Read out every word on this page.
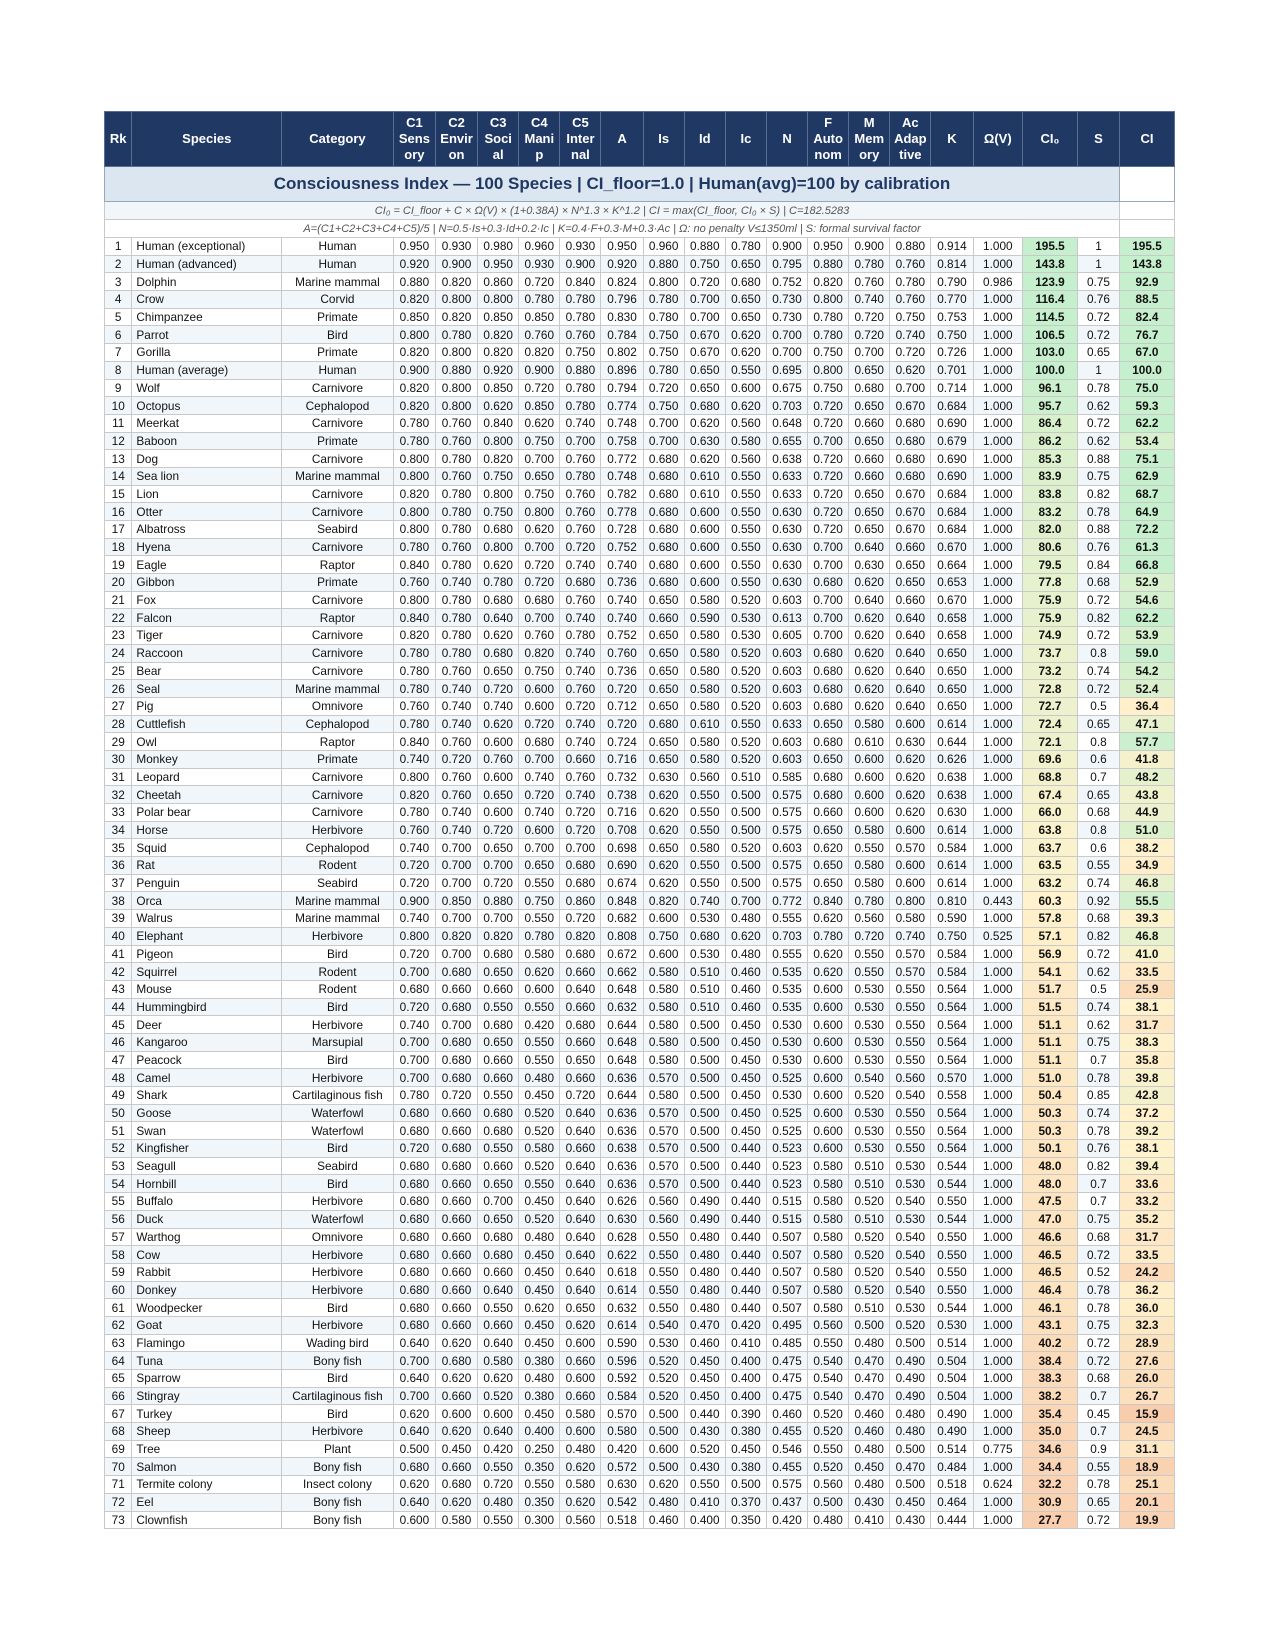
Consciousness Index — 100 Species | CI_floor=1.0 | Human(avg)=100 by calibration																				
CI₀ = CI_floor + C × Ω(V) × (1+0.38A) × N^1.3 × K^1.2 | CI = max(CI_floor, CI₀ × S) | C=182.5283																				
A=(C1+C2+C3+C4+C5)/5 | N=0.5·Is+0.3·Id+0.2·Ic | K=0.4·F+0.3·M+0.3·Ac | Ω: no penalty V≤1350ml | S: formal survival factor																				
Rk	Species	Category	C1 Sens ory	C2 Envir on	C3 Soci al	C4 Mani p	C5 Inter nal	A	Is	Id	Ic	N	F Auto nom	M Mem ory	Ac Adap tive	K	Ω(V)	CI₀	S	CI
1	Human (exceptional)	Human	0.950	0.930	0.980	0.960	0.930	0.950	0.960	0.880	0.780	0.900	0.950	0.900	0.880	0.914	1.000	195.5	1	195.5
2	Human (advanced)	Human	0.920	0.900	0.950	0.930	0.900	0.920	0.880	0.750	0.650	0.795	0.880	0.780	0.760	0.814	1.000	143.8	1	143.8
3	Dolphin	Marine mammal	0.880	0.820	0.860	0.720	0.840	0.824	0.800	0.720	0.680	0.752	0.820	0.760	0.780	0.790	0.986	123.9	0.75	92.9
4	Crow	Corvid	0.820	0.800	0.800	0.780	0.780	0.796	0.780	0.700	0.650	0.730	0.800	0.740	0.760	0.770	1.000	116.4	0.76	88.5
5	Chimpanzee	Primate	0.850	0.820	0.850	0.850	0.780	0.830	0.780	0.700	0.650	0.730	0.780	0.720	0.750	0.753	1.000	114.5	0.72	82.4
6	Parrot	Bird	0.800	0.780	0.820	0.760	0.760	0.784	0.750	0.670	0.620	0.700	0.780	0.720	0.740	0.750	1.000	106.5	0.72	76.7
7	Gorilla	Primate	0.820	0.800	0.820	0.820	0.750	0.802	0.750	0.670	0.620	0.700	0.750	0.700	0.720	0.726	1.000	103.0	0.65	67.0
8	Human (average)	Human	0.900	0.880	0.920	0.900	0.880	0.896	0.780	0.650	0.550	0.695	0.800	0.650	0.620	0.701	1.000	100.0	1	100.0
9	Wolf	Carnivore	0.820	0.800	0.850	0.720	0.780	0.794	0.720	0.650	0.600	0.675	0.750	0.680	0.700	0.714	1.000	96.1	0.78	75.0
10	Octopus	Cephalopod	0.820	0.800	0.620	0.850	0.780	0.774	0.750	0.680	0.620	0.703	0.720	0.650	0.670	0.684	1.000	95.7	0.62	59.3
11	Meerkat	Carnivore	0.780	0.760	0.840	0.620	0.740	0.748	0.700	0.620	0.560	0.648	0.720	0.660	0.680	0.690	1.000	86.4	0.72	62.2
12	Baboon	Primate	0.780	0.760	0.800	0.750	0.700	0.758	0.700	0.630	0.580	0.655	0.700	0.650	0.680	0.679	1.000	86.2	0.62	53.4
13	Dog	Carnivore	0.800	0.780	0.820	0.700	0.760	0.772	0.680	0.620	0.560	0.638	0.720	0.660	0.680	0.690	1.000	85.3	0.88	75.1
14	Sea lion	Marine mammal	0.800	0.760	0.750	0.650	0.780	0.748	0.680	0.610	0.550	0.633	0.720	0.660	0.680	0.690	1.000	83.9	0.75	62.9
15	Lion	Carnivore	0.820	0.780	0.800	0.750	0.760	0.782	0.680	0.610	0.550	0.633	0.720	0.650	0.670	0.684	1.000	83.8	0.82	68.7
16	Otter	Carnivore	0.800	0.780	0.750	0.800	0.760	0.778	0.680	0.600	0.550	0.630	0.720	0.650	0.670	0.684	1.000	83.2	0.78	64.9
17	Albatross	Seabird	0.800	0.780	0.680	0.620	0.760	0.728	0.680	0.600	0.550	0.630	0.720	0.650	0.670	0.684	1.000	82.0	0.88	72.2
18	Hyena	Carnivore	0.780	0.760	0.800	0.700	0.720	0.752	0.680	0.600	0.550	0.630	0.700	0.640	0.660	0.670	1.000	80.6	0.76	61.3
19	Eagle	Raptor	0.840	0.780	0.620	0.720	0.740	0.740	0.680	0.600	0.550	0.630	0.700	0.630	0.650	0.664	1.000	79.5	0.84	66.8
20	Gibbon	Primate	0.760	0.740	0.780	0.720	0.680	0.736	0.680	0.600	0.550	0.630	0.680	0.620	0.650	0.653	1.000	77.8	0.68	52.9
21	Fox	Carnivore	0.800	0.780	0.680	0.680	0.760	0.740	0.650	0.580	0.520	0.603	0.700	0.640	0.660	0.670	1.000	75.9	0.72	54.6
22	Falcon	Raptor	0.840	0.780	0.640	0.700	0.740	0.740	0.660	0.590	0.530	0.613	0.700	0.620	0.640	0.658	1.000	75.9	0.82	62.2
23	Tiger	Carnivore	0.820	0.780	0.620	0.760	0.780	0.752	0.650	0.580	0.530	0.605	0.700	0.620	0.640	0.658	1.000	74.9	0.72	53.9
24	Raccoon	Carnivore	0.780	0.780	0.680	0.820	0.740	0.760	0.650	0.580	0.520	0.603	0.680	0.620	0.640	0.650	1.000	73.7	0.8	59.0
25	Bear	Carnivore	0.780	0.760	0.650	0.750	0.740	0.736	0.650	0.580	0.520	0.603	0.680	0.620	0.640	0.650	1.000	73.2	0.74	54.2
26	Seal	Marine mammal	0.780	0.740	0.720	0.600	0.760	0.720	0.650	0.580	0.520	0.603	0.680	0.620	0.640	0.650	1.000	72.8	0.72	52.4
27	Pig	Omnivore	0.760	0.740	0.740	0.600	0.720	0.712	0.650	0.580	0.520	0.603	0.680	0.620	0.640	0.650	1.000	72.7	0.5	36.4
28	Cuttlefish	Cephalopod	0.780	0.740	0.620	0.720	0.740	0.720	0.680	0.610	0.550	0.633	0.650	0.580	0.600	0.614	1.000	72.4	0.65	47.1
29	Owl	Raptor	0.840	0.760	0.600	0.680	0.740	0.724	0.650	0.580	0.520	0.603	0.680	0.610	0.630	0.644	1.000	72.1	0.8	57.7
30	Monkey	Primate	0.740	0.720	0.760	0.700	0.660	0.716	0.650	0.580	0.520	0.603	0.650	0.600	0.620	0.626	1.000	69.6	0.6	41.8
31	Leopard	Carnivore	0.800	0.760	0.600	0.740	0.760	0.732	0.630	0.560	0.510	0.585	0.680	0.600	0.620	0.638	1.000	68.8	0.7	48.2
32	Cheetah	Carnivore	0.820	0.760	0.650	0.720	0.740	0.738	0.620	0.550	0.500	0.575	0.680	0.600	0.620	0.638	1.000	67.4	0.65	43.8
33	Polar bear	Carnivore	0.780	0.740	0.600	0.740	0.720	0.716	0.620	0.550	0.500	0.575	0.660	0.600	0.620	0.630	1.000	66.0	0.68	44.9
34	Horse	Herbivore	0.760	0.740	0.720	0.600	0.720	0.708	0.620	0.550	0.500	0.575	0.650	0.580	0.600	0.614	1.000	63.8	0.8	51.0
35	Squid	Cephalopod	0.740	0.700	0.650	0.700	0.700	0.698	0.650	0.580	0.520	0.603	0.620	0.550	0.570	0.584	1.000	63.7	0.6	38.2
36	Rat	Rodent	0.720	0.700	0.700	0.650	0.680	0.690	0.620	0.550	0.500	0.575	0.650	0.580	0.600	0.614	1.000	63.5	0.55	34.9
37	Penguin	Seabird	0.720	0.700	0.720	0.550	0.680	0.674	0.620	0.550	0.500	0.575	0.650	0.580	0.600	0.614	1.000	63.2	0.74	46.8
38	Orca	Marine mammal	0.900	0.850	0.880	0.750	0.860	0.848	0.820	0.740	0.700	0.772	0.840	0.780	0.800	0.810	0.443	60.3	0.92	55.5
39	Walrus	Marine mammal	0.740	0.700	0.700	0.550	0.720	0.682	0.600	0.530	0.480	0.555	0.620	0.560	0.580	0.590	1.000	57.8	0.68	39.3
40	Elephant	Herbivore	0.800	0.820	0.820	0.780	0.820	0.808	0.750	0.680	0.620	0.703	0.780	0.720	0.740	0.750	0.525	57.1	0.82	46.8
41	Pigeon	Bird	0.720	0.700	0.680	0.580	0.680	0.672	0.600	0.530	0.480	0.555	0.620	0.550	0.570	0.584	1.000	56.9	0.72	41.0
42	Squirrel	Rodent	0.700	0.680	0.650	0.620	0.660	0.662	0.580	0.510	0.460	0.535	0.620	0.550	0.570	0.584	1.000	54.1	0.62	33.5
43	Mouse	Rodent	0.680	0.660	0.660	0.600	0.640	0.648	0.580	0.510	0.460	0.535	0.600	0.530	0.550	0.564	1.000	51.7	0.5	25.9
44	Hummingbird	Bird	0.720	0.680	0.550	0.550	0.660	0.632	0.580	0.510	0.460	0.535	0.600	0.530	0.550	0.564	1.000	51.5	0.74	38.1
45	Deer	Herbivore	0.740	0.700	0.680	0.420	0.680	0.644	0.580	0.500	0.450	0.530	0.600	0.530	0.550	0.564	1.000	51.1	0.62	31.7
46	Kangaroo	Marsupial	0.700	0.680	0.650	0.550	0.660	0.648	0.580	0.500	0.450	0.530	0.600	0.530	0.550	0.564	1.000	51.1	0.75	38.3
47	Peacock	Bird	0.700	0.680	0.660	0.550	0.650	0.648	0.580	0.500	0.450	0.530	0.600	0.530	0.550	0.564	1.000	51.1	0.7	35.8
48	Camel	Herbivore	0.700	0.680	0.660	0.480	0.660	0.636	0.570	0.500	0.450	0.525	0.600	0.540	0.560	0.570	1.000	51.0	0.78	39.8
49	Shark	Cartilaginous fish	0.780	0.720	0.550	0.450	0.720	0.644	0.580	0.500	0.450	0.530	0.600	0.520	0.540	0.558	1.000	50.4	0.85	42.8
50	Goose	Waterfowl	0.680	0.660	0.680	0.520	0.640	0.636	0.570	0.500	0.450	0.525	0.600	0.530	0.550	0.564	1.000	50.3	0.74	37.2
51	Swan	Waterfowl	0.680	0.660	0.680	0.520	0.640	0.636	0.570	0.500	0.450	0.525	0.600	0.530	0.550	0.564	1.000	50.3	0.78	39.2
52	Kingfisher	Bird	0.720	0.680	0.550	0.580	0.660	0.638	0.570	0.500	0.440	0.523	0.600	0.530	0.550	0.564	1.000	50.1	0.76	38.1
53	Seagull	Seabird	0.680	0.680	0.660	0.520	0.640	0.636	0.570	0.500	0.440	0.523	0.580	0.510	0.530	0.544	1.000	48.0	0.82	39.4
54	Hornbill	Bird	0.680	0.660	0.650	0.550	0.640	0.636	0.570	0.500	0.440	0.523	0.580	0.510	0.530	0.544	1.000	48.0	0.7	33.6
55	Buffalo	Herbivore	0.680	0.660	0.700	0.450	0.640	0.626	0.560	0.490	0.440	0.515	0.580	0.520	0.540	0.550	1.000	47.5	0.7	33.2
56	Duck	Waterfowl	0.680	0.660	0.650	0.520	0.640	0.630	0.560	0.490	0.440	0.515	0.580	0.510	0.530	0.544	1.000	47.0	0.75	35.2
57	Warthog	Omnivore	0.680	0.660	0.680	0.480	0.640	0.628	0.550	0.480	0.440	0.507	0.580	0.520	0.540	0.550	1.000	46.6	0.68	31.7
58	Cow	Herbivore	0.680	0.660	0.680	0.450	0.640	0.622	0.550	0.480	0.440	0.507	0.580	0.520	0.540	0.550	1.000	46.5	0.72	33.5
59	Rabbit	Herbivore	0.680	0.660	0.660	0.450	0.640	0.618	0.550	0.480	0.440	0.507	0.580	0.520	0.540	0.550	1.000	46.5	0.52	24.2
60	Donkey	Herbivore	0.680	0.660	0.640	0.450	0.640	0.614	0.550	0.480	0.440	0.507	0.580	0.520	0.540	0.550	1.000	46.4	0.78	36.2
61	Woodpecker	Bird	0.680	0.660	0.550	0.620	0.650	0.632	0.550	0.480	0.440	0.507	0.580	0.510	0.530	0.544	1.000	46.1	0.78	36.0
62	Goat	Herbivore	0.680	0.660	0.660	0.450	0.620	0.614	0.540	0.470	0.420	0.495	0.560	0.500	0.520	0.530	1.000	43.1	0.75	32.3
63	Flamingo	Wading bird	0.640	0.620	0.640	0.450	0.600	0.590	0.530	0.460	0.410	0.485	0.550	0.480	0.500	0.514	1.000	40.2	0.72	28.9
64	Tuna	Bony fish	0.700	0.680	0.580	0.380	0.660	0.596	0.520	0.450	0.400	0.475	0.540	0.470	0.490	0.504	1.000	38.4	0.72	27.6
65	Sparrow	Bird	0.640	0.620	0.620	0.480	0.600	0.592	0.520	0.450	0.400	0.475	0.540	0.470	0.490	0.504	1.000	38.3	0.68	26.0
66	Stingray	Cartilaginous fish	0.700	0.660	0.520	0.380	0.660	0.584	0.520	0.450	0.400	0.475	0.540	0.470	0.490	0.504	1.000	38.2	0.7	26.7
67	Turkey	Bird	0.620	0.600	0.600	0.450	0.580	0.570	0.500	0.440	0.390	0.460	0.520	0.460	0.480	0.490	1.000	35.4	0.45	15.9
68	Sheep	Herbivore	0.640	0.620	0.640	0.400	0.600	0.580	0.500	0.430	0.380	0.455	0.520	0.460	0.480	0.490	1.000	35.0	0.7	24.5
69	Tree	Plant	0.500	0.450	0.420	0.250	0.480	0.420	0.600	0.520	0.450	0.546	0.550	0.480	0.500	0.514	0.775	34.6	0.9	31.1
70	Salmon	Bony fish	0.680	0.660	0.550	0.350	0.620	0.572	0.500	0.430	0.380	0.455	0.520	0.450	0.470	0.484	1.000	34.4	0.55	18.9
71	Termite colony	Insect colony	0.620	0.680	0.720	0.550	0.580	0.630	0.620	0.550	0.500	0.575	0.560	0.480	0.500	0.518	0.624	32.2	0.78	25.1
72	Eel	Bony fish	0.640	0.620	0.480	0.350	0.620	0.542	0.480	0.410	0.370	0.437	0.500	0.430	0.450	0.464	1.000	30.9	0.65	20.1
73	Clownfish	Bony fish	0.600	0.580	0.550	0.300	0.560	0.518	0.460	0.400	0.350	0.420	0.480	0.410	0.430	0.444	1.000	27.7	0.72	19.9
